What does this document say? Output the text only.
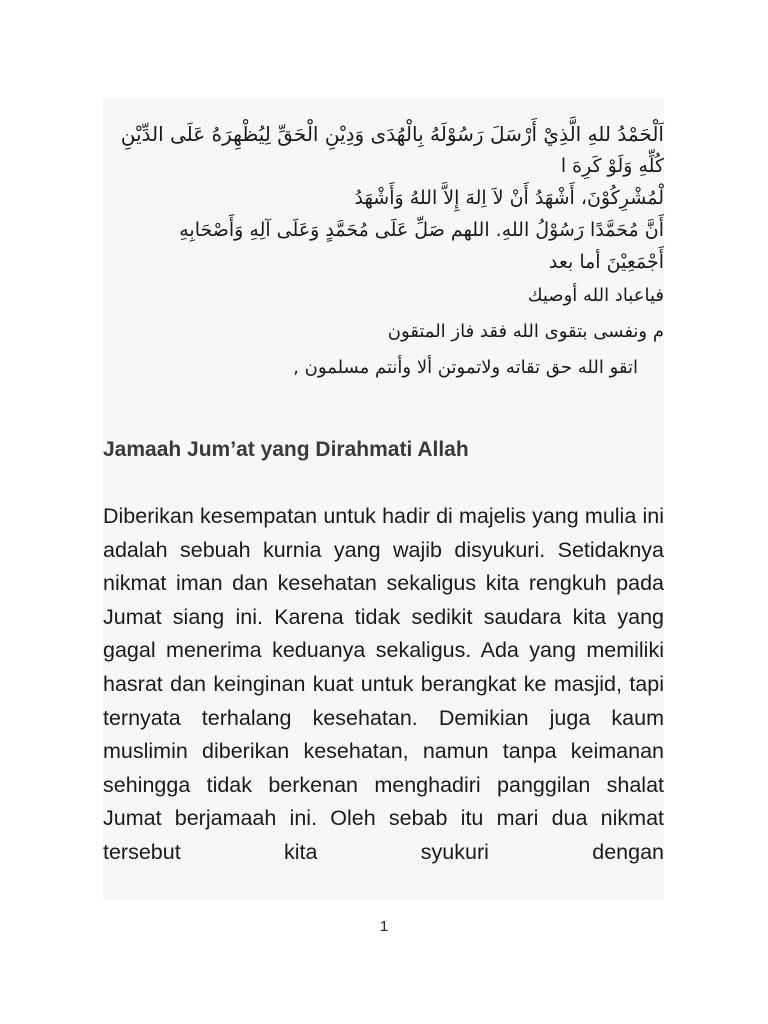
اَلْحَمْدُ للهِ الَّذِيْ أَرْسَلَ رَسُوْلَهُ بِالْهُدَى وَدِيْنِ الْحَقِّ لِيُظْهِرَهُ عَلَى الدِّيْنِ
كُلِّهِ وَلَوْ كَرِهَ ا
لْمُشْرِكُوْنَ، أَشْهَدُ أَنْ لاَ اِلهَ إِلاَّ اللهُ وَأَشْهَدُ
أَنَّ مُحَمَّدًا رَسُوْلُ اللهِ. اللهم صَلِّ عَلَى مُحَمَّدٍ وَعَلَى آلِهِ وَأَصْحَابِهِ
أَجْمَعِيْنَ أما بعد
فياعباد الله أوصيك
م ونفسى بتقوى الله فقد فاز المتقون
اتقو الله حق تقاته ولاتموتن ألا وأنتم مسلمون ,
Jamaah Jum’at yang Dirahmati Allah

Diberikan kesempatan untuk hadir di majelis yang mulia ini adalah sebuah kurnia yang wajib disyukuri. Setidaknya nikmat iman dan kesehatan sekaligus kita rengkuh pada Jumat siang ini. Karena tidak sedikit saudara kita yang gagal menerima keduanya sekaligus. Ada yang memiliki hasrat dan keinginan kuat untuk berangkat ke masjid, tapi ternyata terhalang kesehatan. Demikian juga kaum muslimin diberikan kesehatan, namun tanpa keimanan sehingga tidak berkenan menghadiri panggilan shalat Jumat berjamaah ini. Oleh sebab itu mari dua nikmat tersebut kita syukuri dengan

1
